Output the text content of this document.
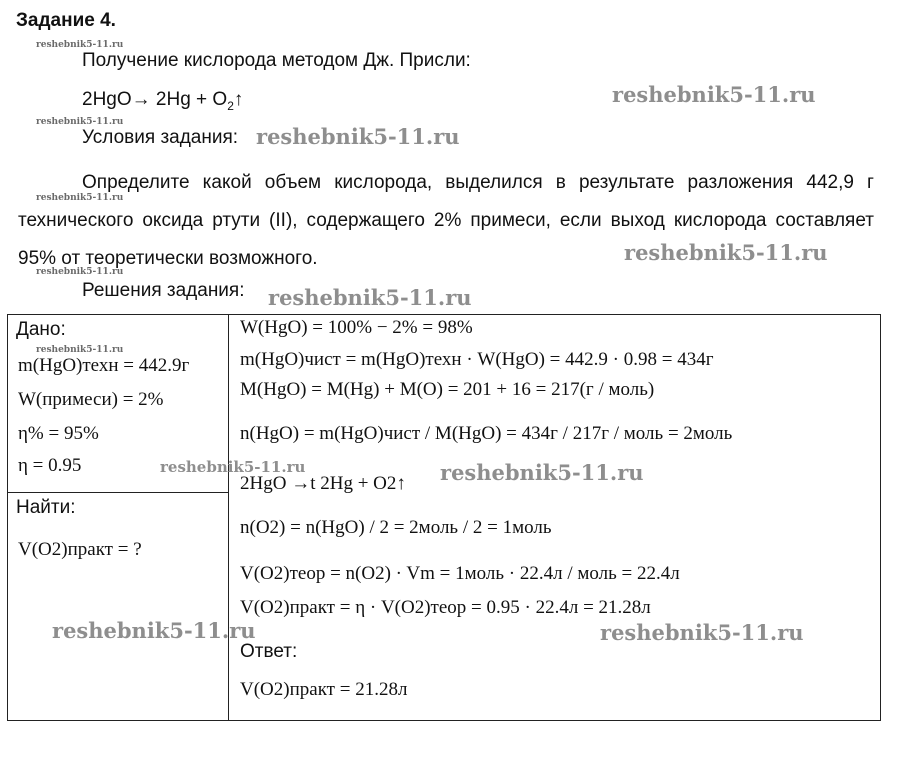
Задание 4.
Получение кислорода методом Дж. Присли:
$2HgO\to 2Hg + O_2↑$
Условия задания:
Определите какой объем кислорода, выделился в результате разложения 442,9 г технического оксида ртути (II), содержащего 2% примеси, если выход кислорода составляет 95% от теоретически возможного.
Решения задания:
Дано:
m(HgO)техн = 442.9г
W(примеси) = 2%
η% = 95%
η = 0.95
Найти:
V(O2)практ = ?
W(HgO) = 100% − 2% = 98%
m(HgO)чист = m(HgO)техн · W(HgO) = 442.9 · 0.98 = 434г
M(HgO) = M(Hg) + M(O) = 201 + 16 = 217(г / моль)
n(HgO) = m(HgO)чист / M(HgO) = 434г / 217г / моль = 2моль
2HgO →t 2Hg + O2↑
n(O2) = n(HgO) / 2 = 2моль / 2 = 1моль
V(O2)теор = n(O2) · Vm = 1моль · 22.4л / моль = 22.4л
V(O2)практ = η · V(O2)теор = 0.95 · 22.4л = 21.28л
Ответ:
V(O2)практ = 21.28л
reshebnik5-11.ru
reshebnik5-11.ru
reshebnik5-11.ru
reshebnik5-11.ru
reshebnik5-11.ru
reshebnik5-11.ru
reshebnik5-11.ru
reshebnik5-11.ru
reshebnik5-11.ru
reshebnik5-11.ru	reshebnik5-11.ru
reshebnik5-11.ru	reshebnik5-11.ru
